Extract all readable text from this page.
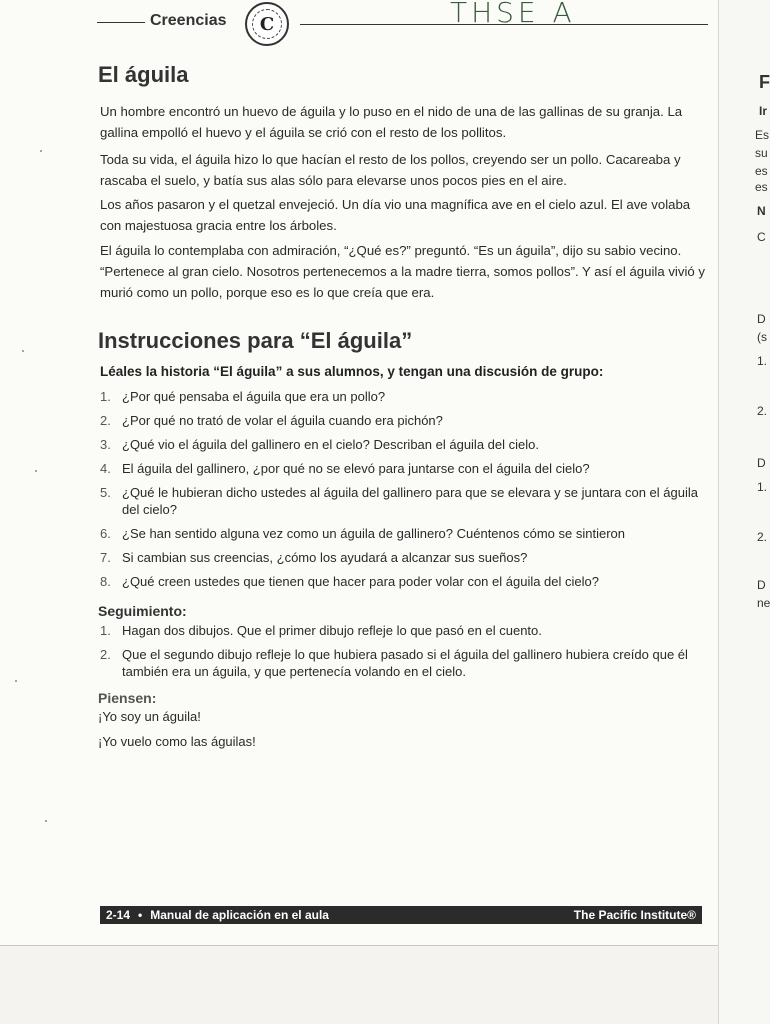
Creencias	C	THSE A
El águila

Un hombre encontró un huevo de águila y lo puso en el nido de una de las gallinas de su granja. La gallina empolló el huevo y el águila se crió con el resto de los pollitos.

Toda su vida, el águila hizo lo que hacían el resto de los pollos, creyendo ser un pollo. Cacareaba y rascaba el suelo, y batía sus alas sólo para elevarse unos pocos pies en el aire.

Los años pasaron y el quetzal envejeció. Un día vio una magnífica ave en el cielo azul. El ave volaba con majestuosa gracia entre los árboles.

El águila lo contemplaba con admiración, “¿Qué es?” preguntó. “Es un águila”, dijo su sabio vecino. “Pertenece al gran cielo. Nosotros pertenecemos a la madre tierra, somos pollos”. Y así el águila vivió y murió como un pollo, porque eso es lo que creía que era.

Instrucciones para “El águila”

Léales la historia “El águila” a sus alumnos, y tengan una discusión de grupo:

1. ¿Por qué pensaba el águila que era un pollo?
2. ¿Por qué no trató de volar el águila cuando era pichón?
3. ¿Qué vio el águila del gallinero en el cielo? Describan el águila del cielo.
4. El águila del gallinero, ¿por qué no se elevó para juntarse con el águila del cielo?
5. ¿Qué le hubieran dicho ustedes al águila del gallinero para que se elevara y se juntara con el águila del cielo?
6. ¿Se han sentido alguna vez como un águila de gallinero? Cuéntenos cómo se sintieron
7. Si cambian sus creencias, ¿cómo los ayudará a alcanzar sus sueños?
8. ¿Qué creen ustedes que tienen que hacer para poder volar con el águila del cielo?

Seguimiento:

1. Hagan dos dibujos. Que el primer dibujo refleje lo que pasó en el cuento.
2. Que el segundo dibujo refleje lo que hubiera pasado si el águila del gallinero hubiera creído que él también era un águila, y que pertenecía volando en el cielo.

Piensen:

¡Yo soy un águila!

¡Yo vuelo como las águilas!

2-14 • Manual de aplicación en el aula	The Pacific Institute®
F
Ir
Es
su
es
es
N
C
D
(s
1.
2.
D
1.
2.
D
ne
